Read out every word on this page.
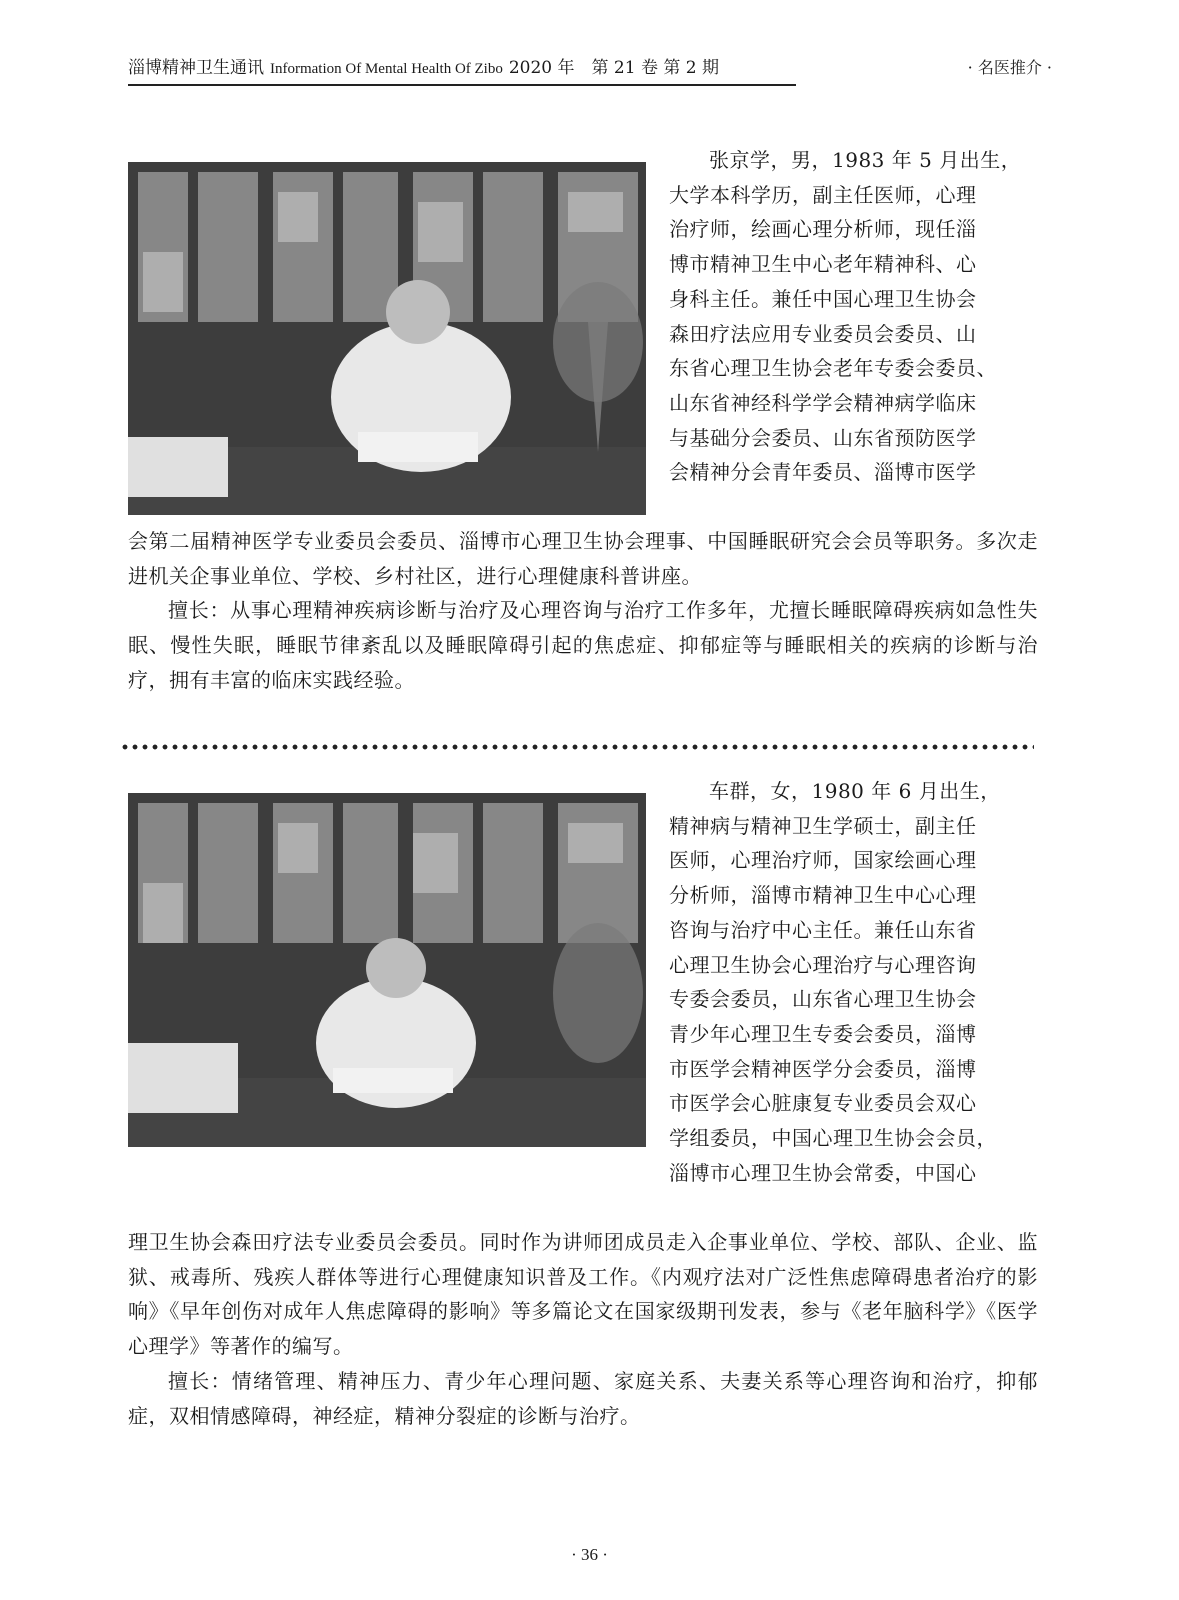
淄博精神卫生通讯 Information Of Mental Health Of Zibo 2020 年　第 21 卷 第 2 期	· 名医推介 ·
张京学，男，1983 年 5 月出生，
大学本科学历，副主任医师，心理
治疗师，绘画心理分析师，现任淄
博市精神卫生中心老年精神科、心
身科主任。兼任中国心理卫生协会
森田疗法应用专业委员会委员、山
东省心理卫生协会老年专委会委员、
山东省神经科学学会精神病学临床
与基础分会委员、山东省预防医学
会精神分会青年委员、淄博市医学

会第二届精神医学专业委员会委员、淄博市心理卫生协会理事、中国睡眠研究会会员等职务。多次走进机关企事业单位、学校、乡村社区，进行心理健康科普讲座。

擅长：从事心理精神疾病诊断与治疗及心理咨询与治疗工作多年，尤擅长睡眠障碍疾病如急性失眠、慢性失眠，睡眠节律紊乱以及睡眠障碍引起的焦虑症、抑郁症等与睡眠相关的疾病的诊断与治疗，拥有丰富的临床实践经验。

车群，女，1980 年 6 月出生，
精神病与精神卫生学硕士，副主任
医师，心理治疗师，国家绘画心理
分析师，淄博市精神卫生中心心理
咨询与治疗中心主任。兼任山东省
心理卫生协会心理治疗与心理咨询
专委会委员，山东省心理卫生协会
青少年心理卫生专委会委员，淄博
市医学会精神医学分会委员，淄博
市医学会心脏康复专业委员会双心
学组委员，中国心理卫生协会会员，
淄博市心理卫生协会常委，中国心

理卫生协会森田疗法专业委员会委员。同时作为讲师团成员走入企事业单位、学校、部队、企业、监狱、戒毒所、残疾人群体等进行心理健康知识普及工作。《内观疗法对广泛性焦虑障碍患者治疗的影响》《早年创伤对成年人焦虑障碍的影响》等多篇论文在国家级期刊发表，参与《老年脑科学》《医学心理学》等著作的编写。

擅长：情绪管理、精神压力、青少年心理问题、家庭关系、夫妻关系等心理咨询和治疗，抑郁症，双相情感障碍，神经症，精神分裂症的诊断与治疗。

· 36 ·
